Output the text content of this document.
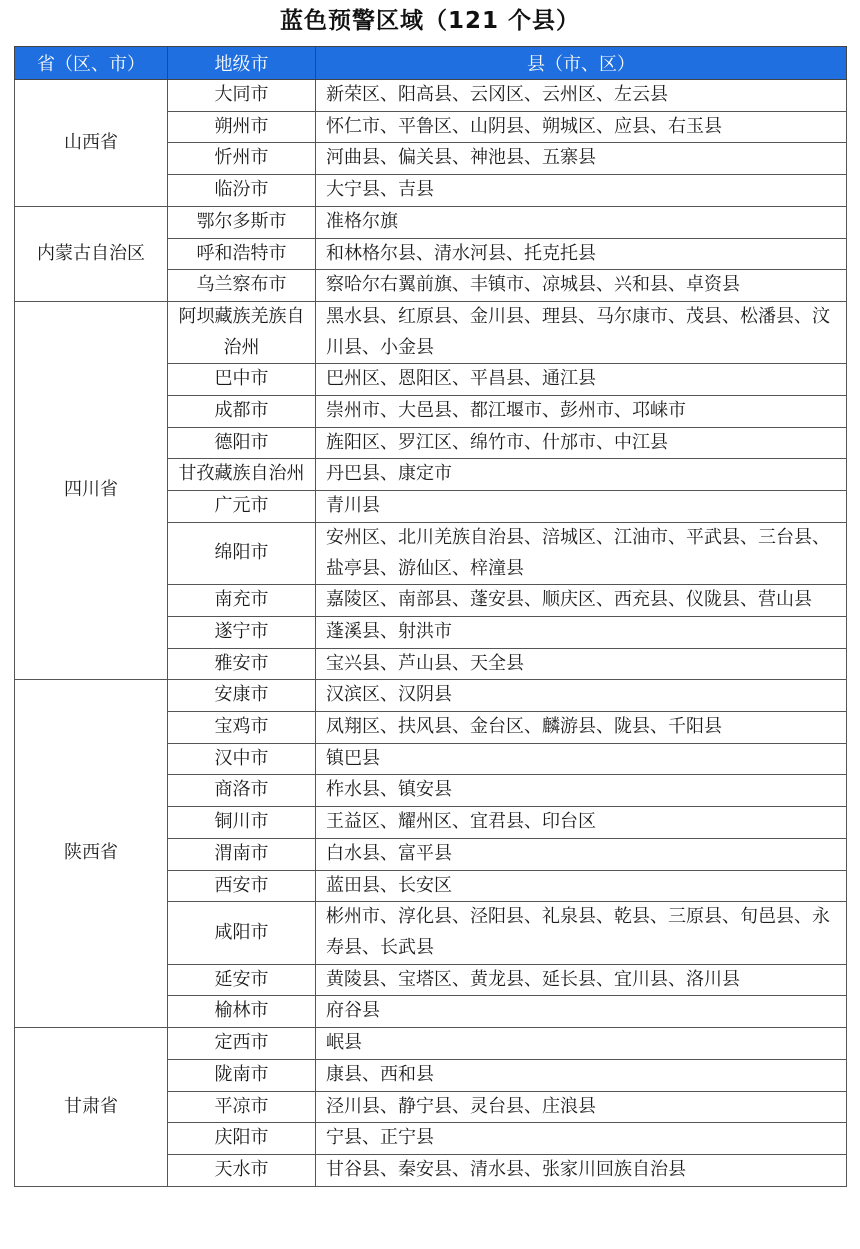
蓝色预警区域（121 个县）
省（区、市）	地级市	县（市、区）
山西省	大同市	新荣区、阳高县、云冈区、云州区、左云县
	朔州市	怀仁市、平鲁区、山阴县、朔城区、应县、右玉县
	忻州市	河曲县、偏关县、神池县、五寨县
	临汾市	大宁县、吉县
内蒙古自治区	鄂尔多斯市	准格尔旗
	呼和浩特市	和林格尔县、清水河县、托克托县
	乌兰察布市	察哈尔右翼前旗、丰镇市、凉城县、兴和县、卓资县
四川省	阿坝藏族羌族自治州	黑水县、红原县、金川县、理县、马尔康市、茂县、松潘县、汶川县、小金县
	巴中市	巴州区、恩阳区、平昌县、通江县
	成都市	崇州市、大邑县、都江堰市、彭州市、邛崃市
	德阳市	旌阳区、罗江区、绵竹市、什邡市、中江县
	甘孜藏族自治州	丹巴县、康定市
	广元市	青川县
	绵阳市	安州区、北川羌族自治县、涪城区、江油市、平武县、三台县、盐亭县、游仙区、梓潼县
	南充市	嘉陵区、南部县、蓬安县、顺庆区、西充县、仪陇县、营山县
	遂宁市	蓬溪县、射洪市
	雅安市	宝兴县、芦山县、天全县
陕西省	安康市	汉滨区、汉阴县
	宝鸡市	凤翔区、扶风县、金台区、麟游县、陇县、千阳县
	汉中市	镇巴县
	商洛市	柞水县、镇安县
	铜川市	王益区、耀州区、宜君县、印台区
	渭南市	白水县、富平县
	西安市	蓝田县、长安区
	咸阳市	彬州市、淳化县、泾阳县、礼泉县、乾县、三原县、旬邑县、永寿县、长武县
	延安市	黄陵县、宝塔区、黄龙县、延长县、宜川县、洛川县
	榆林市	府谷县
甘肃省	定西市	岷县
	陇南市	康县、西和县
	平凉市	泾川县、静宁县、灵台县、庄浪县
	庆阳市	宁县、正宁县
	天水市	甘谷县、秦安县、清水县、张家川回族自治县
